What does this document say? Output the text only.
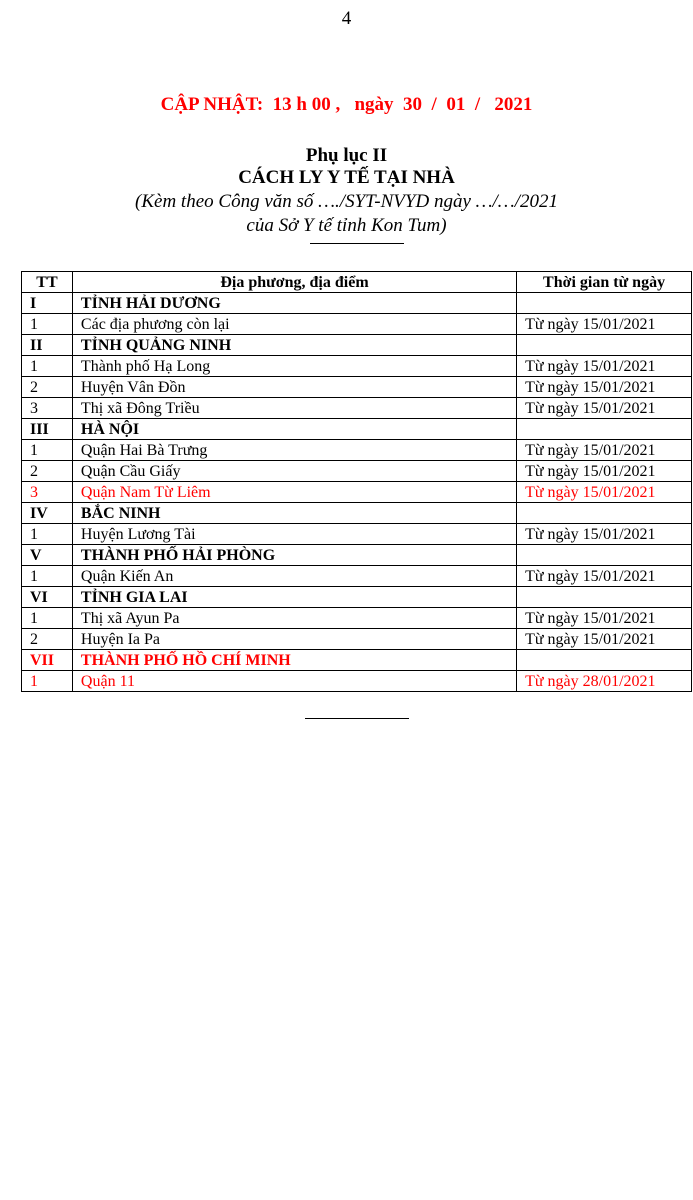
4
CẬP NHẬT:  13 h 00 ,   ngày  30  /  01  /   2021
Phụ lục II
CÁCH LY Y TẾ TẠI NHÀ
(Kèm theo Công văn số …./SYT-NVYD ngày …/…/2021
của Sở Y tế tỉnh Kon Tum)
TT	Địa phương, địa điểm	Thời gian từ ngày
I	TỈNH HẢI DƯƠNG	
1	Các địa phương còn lại	Từ ngày 15/01/2021
II	TỈNH QUẢNG NINH	
1	Thành phố Hạ Long	Từ ngày 15/01/2021
2	Huyện Vân Đồn	Từ ngày 15/01/2021
3	Thị xã Đông Triều	Từ ngày 15/01/2021
III	HÀ NỘI	
1	Quận Hai Bà Trưng	Từ ngày 15/01/2021
2	Quận Cầu Giấy	Từ ngày 15/01/2021
3	Quận Nam Từ Liêm	Từ ngày 15/01/2021
IV	BẮC NINH	
1	Huyện Lương Tài	Từ ngày 15/01/2021
V	THÀNH PHỐ HẢI PHÒNG	
1	Quận Kiến An	Từ ngày 15/01/2021
VI	TỈNH GIA LAI	
1	Thị xã Ayun Pa	Từ ngày 15/01/2021
2	Huyện Ia Pa	Từ ngày 15/01/2021
VII	THÀNH PHỐ HỒ CHÍ MINH	
1	Quận 11	Từ ngày 28/01/2021
